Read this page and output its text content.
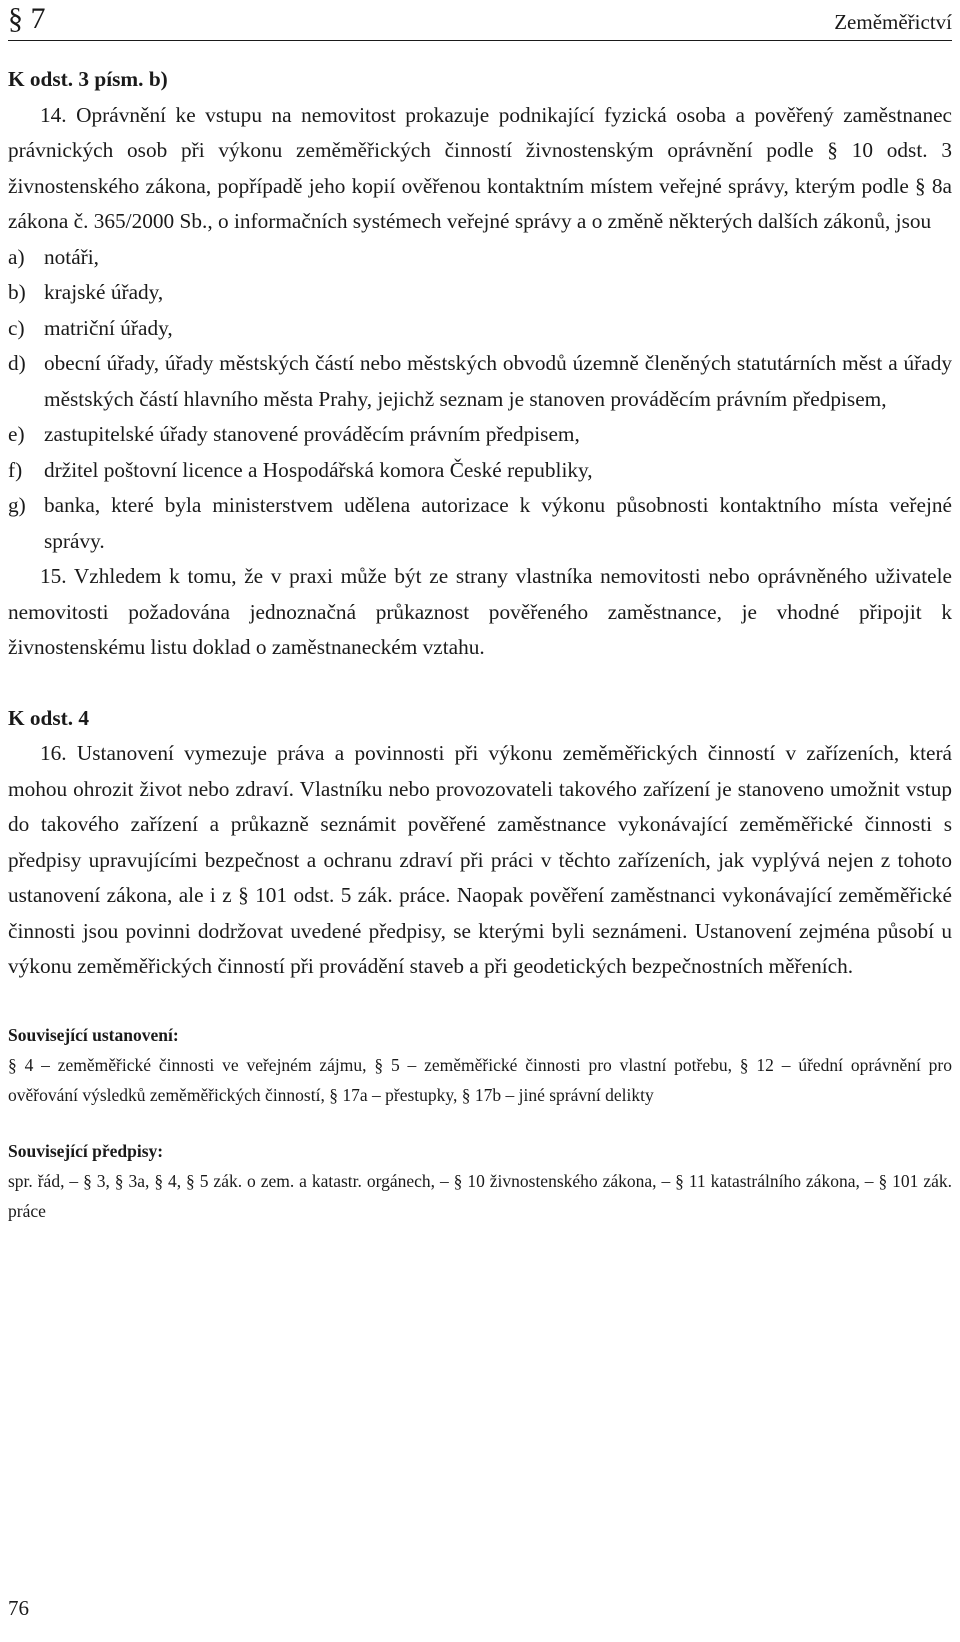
§ 7	Zeměměřictví

K odst. 3 písm. b)

14. Oprávnění ke vstupu na nemovitost prokazuje podnikající fyzická osoba a pověřený zaměstnanec právnických osob při výkonu zeměměřických činností živnostenským oprávnění podle § 10 odst. 3 živnostenského zákona, popřípadě jeho kopií ověřenou kontaktním místem veřejné správy, kterým podle § 8a zákona č. 365/2000 Sb., o informačních systémech veřejné správy a o změně některých dalších zákonů, jsou

a) notáři,
b) krajské úřady,
c) matriční úřady,
d) obecní úřady, úřady městských částí nebo městských obvodů územně členěných statutárních měst a úřady městských částí hlavního města Prahy, jejichž seznam je stanoven prováděcím právním předpisem,
e) zastupitelské úřady stanovené prováděcím právním předpisem,
f)	držitel poštovní licence a Hospodářská komora České republiky,
g) banka, které byla ministerstvem udělena autorizace k výkonu působnosti kontaktního místa veřejné správy.

15. Vzhledem k tomu, že v praxi může být ze strany vlastníka nemovitosti nebo oprávněného uživatele nemovitosti požadována jednoznačná průkaznost pověřeného zaměstnance, je vhodné připojit k živnostenskému listu doklad o zaměstnaneckém vztahu.

K odst. 4

16. Ustanovení vymezuje práva a povinnosti při výkonu zeměměřických činností v zařízeních, která mohou ohrozit život nebo zdraví. Vlastníku nebo provozovateli takového zařízení je stanoveno umožnit vstup do takového zařízení a průkazně seznámit pověřené zaměstnance vykonávající zeměměřické činnosti s předpisy upravujícími bezpečnost a ochranu zdraví při práci v těchto zařízeních, jak vyplývá nejen z tohoto ustanovení zákona, ale i z § 101 odst. 5 zák. práce. Naopak pověření zaměstnanci vykonávající zeměměřické činnosti jsou povinni dodržovat uvedené předpisy, se kterými byli seznámeni. Ustanovení zejména působí u výkonu zeměměřických činností při provádění staveb a při geodetických bezpečnostních měřeních.

Související ustanovení:

§ 4 – zeměměřické činnosti ve veřejném zájmu, § 5 – zeměměřické činnosti pro vlastní potřebu, § 12 – úřední oprávnění pro ověřování výsledků zeměměřických činností, § 17a – přestupky, § 17b – jiné správní delikty

Související předpisy:

spr. řád, – § 3, § 3a, § 4, § 5 zák. o zem. a katastr. orgánech, – § 10 živnostenského zákona, – § 11 katastrálního zákona, – § 101 zák. práce

76
